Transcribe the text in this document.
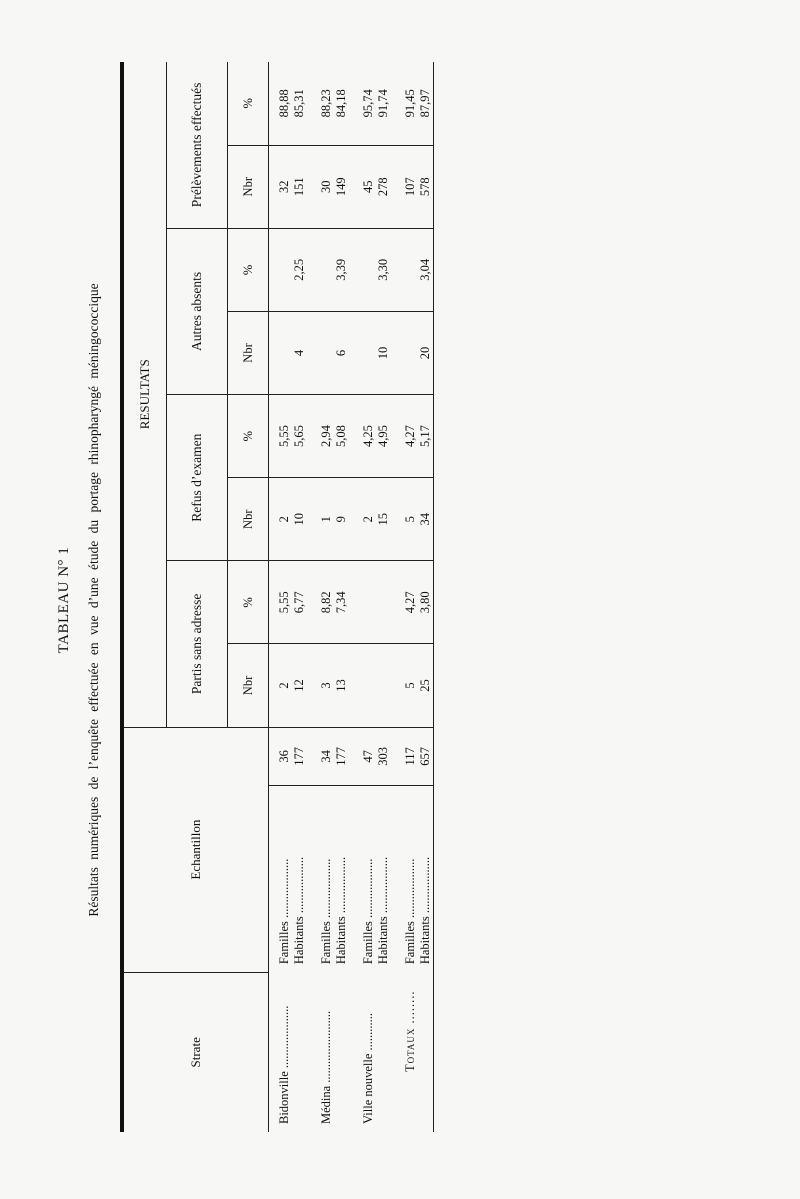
TABLEAU N° 1 Résultats numériques de l’enquête effectuée en vue d’une étude du portage rhinopharyngé méningococcique
Strate	Echantillon		RESULTATS							
			Partis sans adresse		Refus d’examen		Autres absents		Prélèvements effectués	
			Nbr	%	Nbr	%	Nbr	%	Nbr	%
Bidonville ....................	Familles ...................	36	2	5,55	2	5,55			32	88,88
	Habitants ..................	177	12	6,77	10	5,65	4	2,25	151	85,31

Médina .......................	Familles ...................	34	3	8,82	1	2,94			30	88,23
	Habitants ..................	177	13	7,34	9	5,08	6	3,39	149	84,18

Ville nouvelle ............	Familles ...................	47			2	4,25			45	95,74
	Habitants ..................	303			15	4,95	10	3,30	278	91,74

Totaux ........	Familles ...................	117	5	4,27	5	4,27			107	91,45
	Habitants ..................	657	25	3,80	34	5,17	20	3,04	578	87,97
